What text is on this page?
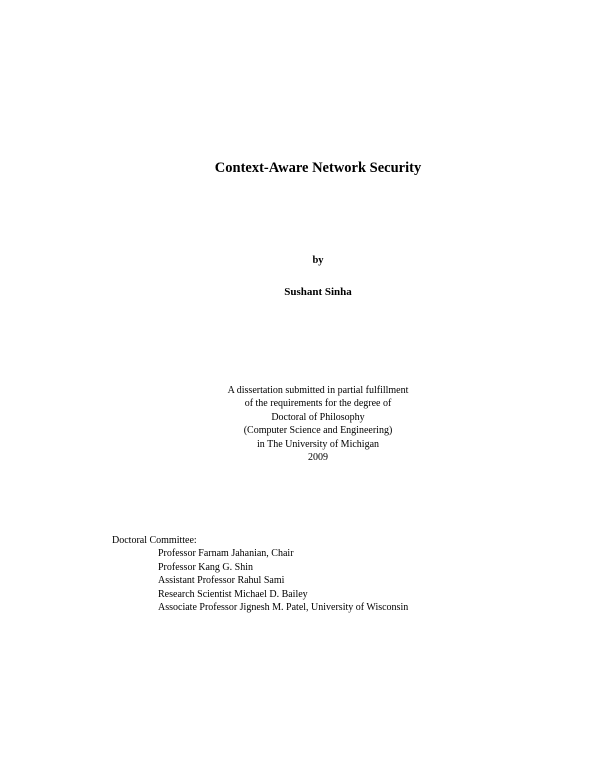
Context-Aware Network Security
by
Sushant Sinha
A dissertation submitted in partial fulfillment
of the requirements for the degree of
Doctoral of Philosophy
(Computer Science and Engineering)
in The University of Michigan
2009
Doctoral Committee:
Professor Farnam Jahanian, Chair
Professor Kang G. Shin
Assistant Professor Rahul Sami
Research Scientist Michael D. Bailey
Associate Professor Jignesh M. Patel, University of Wisconsin
